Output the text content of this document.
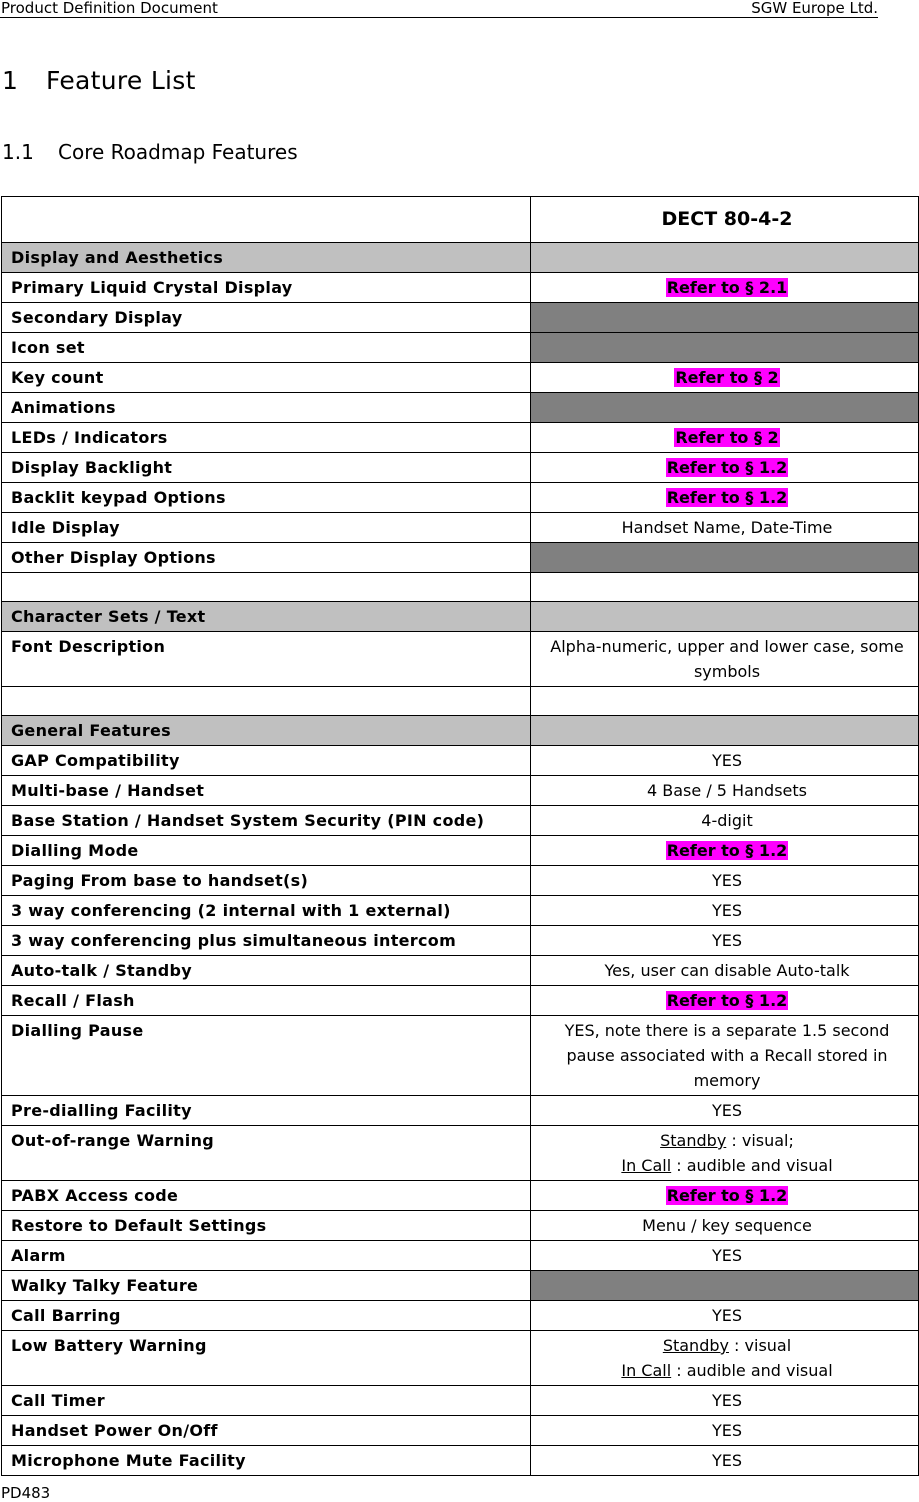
Product Definition Document	SGW Europe Ltd.
1 Feature List
1.1 Core Roadmap Features
	DECT 80-4-2
Display and Aesthetics	
Primary Liquid Crystal Display	Refer to § 2.1
Secondary Display	
Icon set	
Key count	Refer to § 2
Animations	
LEDs / Indicators	Refer to § 2
Display Backlight	Refer to § 1.2
Backlit keypad Options	Refer to § 1.2
Idle Display	Handset Name, Date-Time
Other Display Options	

Character Sets / Text	
Font Description	Alpha-numeric, upper and lower case, some symbols

General Features	
GAP Compatibility	YES
Multi-base / Handset	4 Base / 5 Handsets
Base Station / Handset System Security (PIN code)	4-digit
Dialling Mode	Refer to § 1.2
Paging From base to handset(s)	YES
3 way conferencing (2 internal with 1 external)	YES
3 way conferencing plus simultaneous intercom	YES
Auto-talk / Standby	Yes, user can disable Auto-talk
Recall / Flash	Refer to § 1.2
Dialling Pause	YES, note there is a separate 1.5 second pause associated with a Recall stored in memory
Pre-dialling Facility	YES
Out-of-range Warning	Standby : visual;
In Call : audible and visual

PABX Access code	Refer to § 1.2
Restore to Default Settings	Menu / key sequence
Alarm	YES
Walky Talky Feature	
Call Barring	YES
Low Battery Warning	Standby : visual
In Call : audible and visual

Call Timer	YES
Handset Power On/Off	YES
Microphone Mute Facility	YES
PD483
